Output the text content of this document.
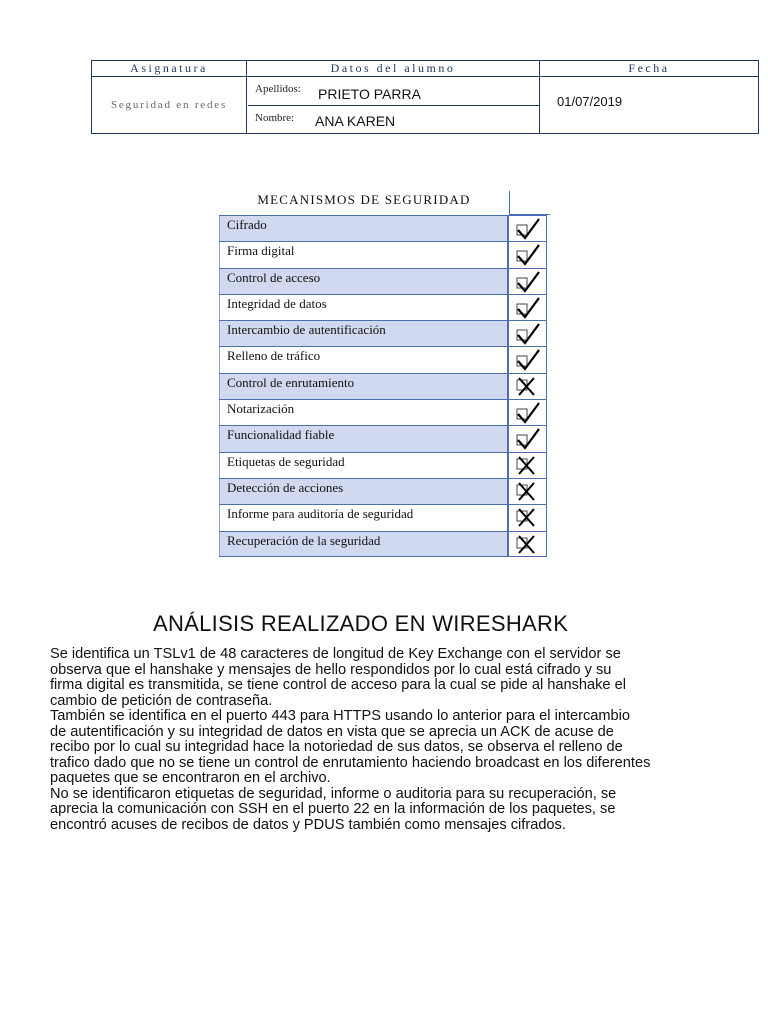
Asignatura	Datos del alumno	Fecha
Seguridad en redes
Apellidos: PRIETO PARRA
Nombre: ANA KAREN
01/07/2019
MECANISMOS DE SEGURIDAD
Cifrado
Firma digital
Control de acceso
Integridad de datos
Intercambio de autentificación
Relleno de tráfico
Control de enrutamiento
Notarización
Funcionalidad fiable
Etiquetas de seguridad
Detección de acciones
Informe para auditoría de seguridad
Recuperación de la seguridad
ANÁLISIS REALIZADO EN WIRESHARK
Se identifica un TSLv1 de 48 caracteres de longitud de Key Exchange con el servidor se
observa que el hanshake y mensajes de hello respondidos por lo cual está cifrado y su
firma digital es transmitida, se tiene control de acceso para la cual se pide al hanshake el
cambio de petición de contraseña.
También se identifica en el puerto 443 para HTTPS usando lo anterior para el intercambio
de autentificación y su integridad de datos en vista que se aprecia un ACK de acuse de
recibo por lo cual su integridad hace la notoriedad de sus datos, se observa el relleno de
trafico dado que no se tiene un control de enrutamiento haciendo broadcast en los diferentes
paquetes que se encontraron en el archivo.
No se identificaron etiquetas de seguridad, informe o auditoria para su recuperación, se
aprecia la comunicación con SSH en el puerto 22 en la información de los paquetes, se
encontró acuses de recibos de datos y PDUS también como mensajes cifrados.
